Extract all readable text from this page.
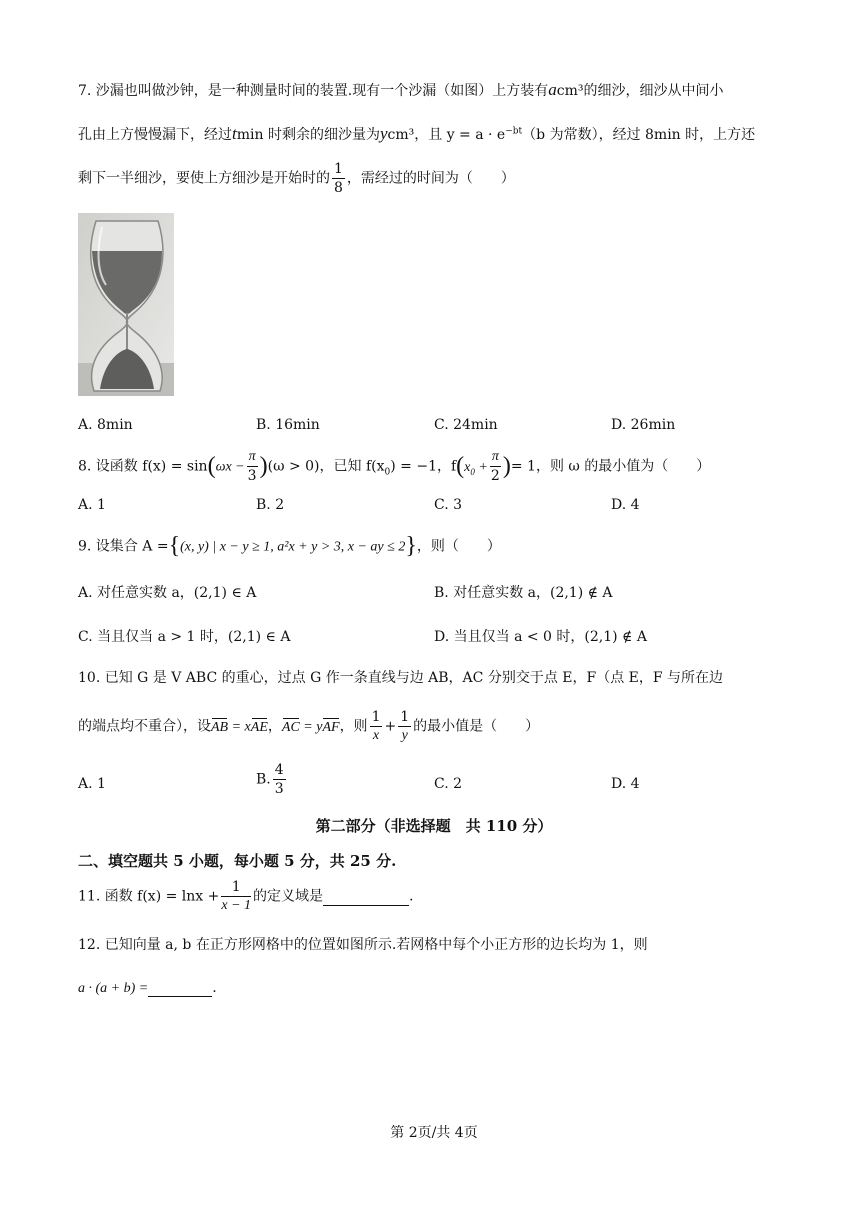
7. 沙漏也叫做沙钟，是一种测量时间的装置.现有一个沙漏（如图）上方装有acm³的细沙，细沙从中间小
孔由上方慢慢漏下，经过tmin 时剩余的细沙量为ycm³，且 $y = a \cdot e^{-bt}(b$ 为常数），经过 8min 时，上方还
剩下一半细沙，要使上方细沙是开始时的 $\frac{1}{8}$ ，需经过的时间为（　　）
A. 8min	B. 16min	C. 24min	D. 26min
8. 设函数 $f(x) = \sin(\omega x - \frac{\pi}{3} )(\omega > 0)$，已知 $f(x_0) = -1$，$f(x_0 + \frac{\pi}{2}$ )= 1，则 ω 的最小值为（　　）
A. 1	B. 2	C. 3	D. 4
9. 设集合 A ={(x, y) | x − y ≥ 1, a²x + y > 3, x − ay ≤ 2}，则（　　）
A. 对任意实数 a，(2,1) ∈ A	B. 对任意实数 a，(2,1) ∉ A
C. 当且仅当 a > 1 时，(2,1) ∈ A	D. 当且仅当 a < 0 时，(2,1) ∉ A
10. 已知 G 是 V ABC 的重心，过点 G 作一条直线与边 AB，AC 分别交于点 E，F（点 E，F 与所在边
的端点均不重合），设AB = xAE，AC = yAF，则 $\frac{1}{x} + \frac{1}{y}$ 的最小值是（　　）
A. 1	B. $\frac{4}{3}$	C. 2	D. 4
第二部分（非选择题　共 110 分）
二、填空题共 5 小题，每小题 5 分，共 25 分.
11. 函数 $f(x) = \ln x + \frac{1}{x - 1}$ 的定义域是	.
12. 已知向量 a, b 在正方形网格中的位置如图所示.若网格中每个小正方形的边长均为 1，则
a · (a + b) =	.
第 2页/共 4页
